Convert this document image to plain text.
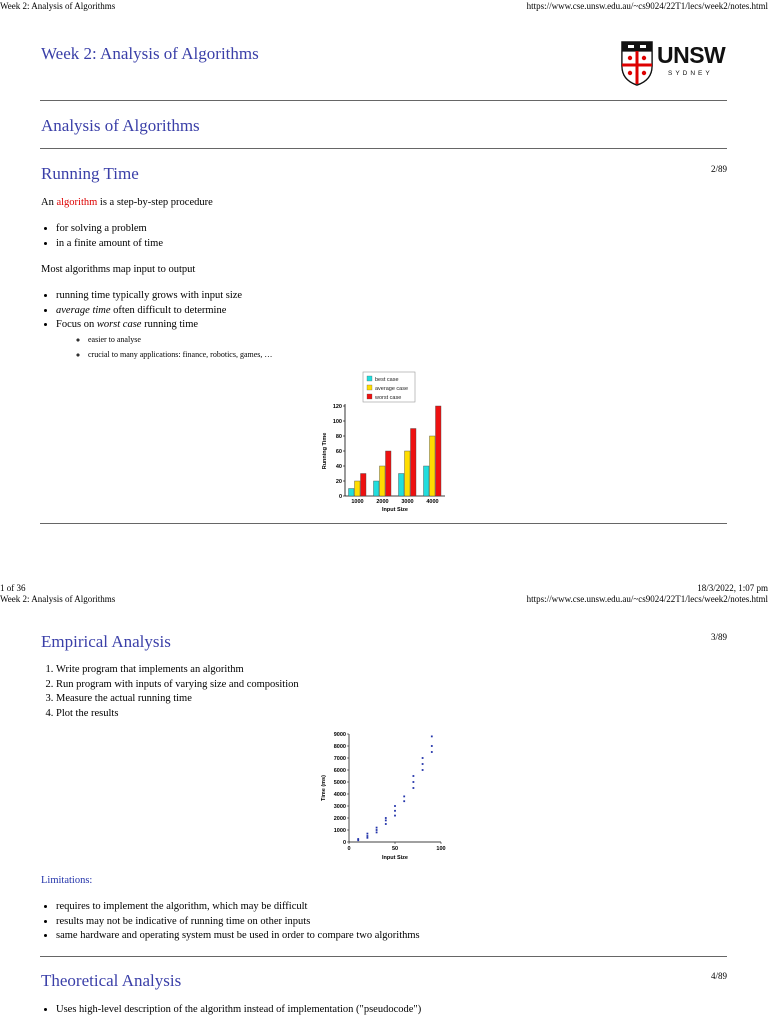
Week 2: Analysis of Algorithms	https://www.cse.unsw.edu.au/~cs9024/22T1/lecs/week2/notes.html
Week 2: Analysis of Algorithms	UNSW
SYDNEY
Analysis of Algorithms
Running Time	2/89
An algorithm is a step-by-step procedure
• for solving a problem
• in a finite amount of time
Most algorithms map input to output
• running time typically grows with input size
• average time often difficult to determine
• Focus on worst case running time
◦ easier to analyse
◦ crucial to many applications: finance, robotics, games, …
best case
average case
worst case
0
20
40
60
80
100
120
1000 2000 3000 4000
Input Size
Running Time
1 of 36	18/3/2022, 1:07 pm
Week 2: Analysis of Algorithms	https://www.cse.unsw.edu.au/~cs9024/22T1/lecs/week2/notes.html
Empirical Analysis	3/89
1. Write program that implements an algorithm
2. Run program with inputs of varying size and composition
3. Measure the actual running time
4. Plot the results
0
1000
2000
3000
4000
5000
6000
7000
8000
9000
0	50	100
Input Size
Time (ms)
Limitations:
• requires to implement the algorithm, which may be difficult
• results may not be indicative of running time on other inputs
• same hardware and operating system must be used in order to compare two algorithms
Theoretical Analysis	4/89
• Uses high-level description of the algorithm instead of implementation ("pseudocode")
